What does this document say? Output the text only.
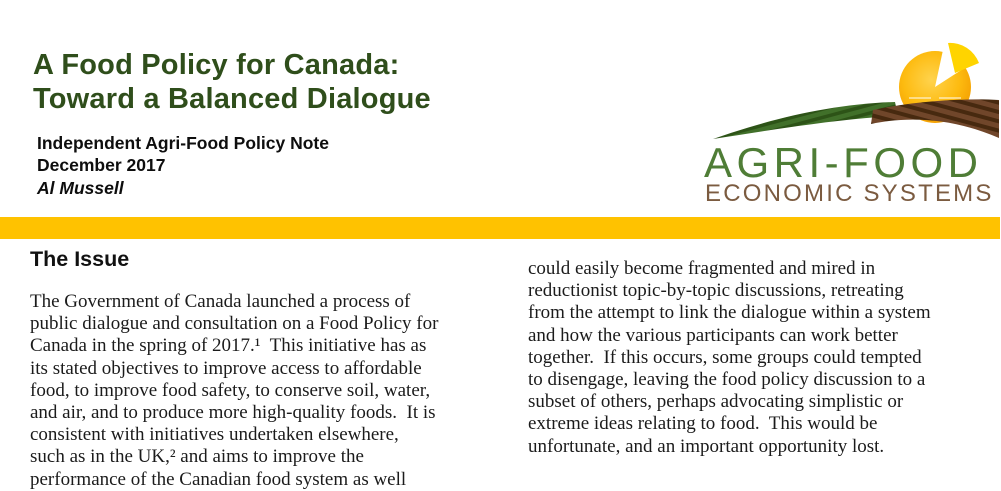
A Food Policy for Canada:
Toward a Balanced Dialogue
Independent Agri-Food Policy Note
December 2017
Al Mussell
AGRI-FOOD
ECONOMIC SYSTEMS
The Issue
The Government of Canada launched a process of
public dialogue and consultation on a Food Policy for
Canada in the spring of 2017.¹  This initiative has as
its stated objectives to improve access to affordable
food, to improve food safety, to conserve soil, water,
and air, and to produce more high-quality foods.  It is
consistent with initiatives undertaken elsewhere,
such as in the UK,² and aims to improve the
performance of the Canadian food system as well
could easily become fragmented and mired in
reductionist topic-by-topic discussions, retreating
from the attempt to link the dialogue within a system
and how the various participants can work better
together.  If this occurs, some groups could tempted
to disengage, leaving the food policy discussion to a
subset of others, perhaps advocating simplistic or
extreme ideas relating to food.  This would be
unfortunate, and an important opportunity lost.
